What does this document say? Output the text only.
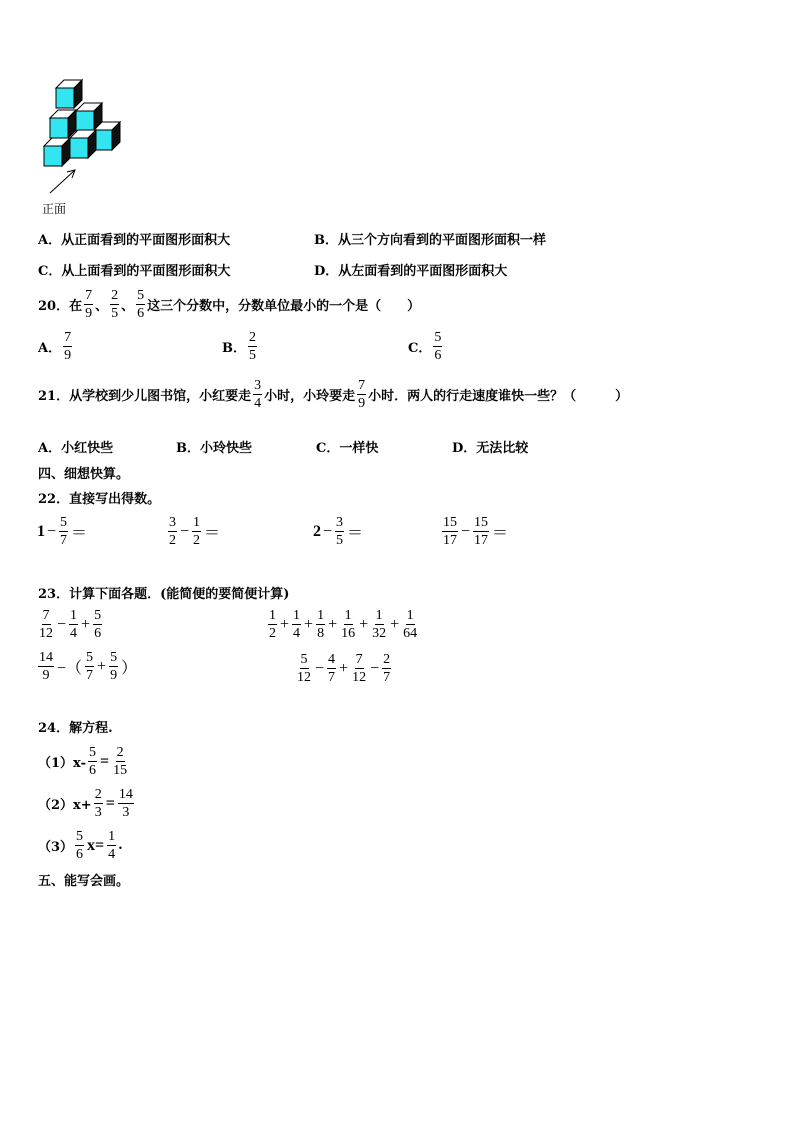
正面
A．从正面看到的平面图形面积大	B．从三个方向看到的平面图形面积一样
C．从上面看到的平面图形面积大	D．从左面看到的平面图形面积大
20．在 $\frac{7}{9}$ 、 $\frac{2}{5}$ 、 $\frac{5}{6}$ 这三个分数中，分数单位最小的一个是（　　）
A． $\frac{7}{9}$	B． $\frac{2}{5}$	C． $\frac{5}{6}$
21．从学校到少儿图书馆，小红要走 $\frac{3}{4}$ 小时，小玲要走 $\frac{7}{9}$ 小时．两人的行走速度谁快一些？（　　　）
A．小红快些	B．小玲快些	C．一样快	D．无法比较
四、细想快算。
22．直接写出得数。
$1 - \frac{5}{7}$ ＝	$\frac{3}{2} - \frac{1}{2}$ ＝	$2 - \frac{3}{5}$ ＝	$\frac{15}{17} - \frac{15}{17}$ ＝
23．计算下面各题．(能简便的要简便计算)
$\frac{7}{12} - \frac{1}{4} + \frac{5}{6}$	$\frac{1}{2} + \frac{1}{4} + \frac{1}{8} + \frac{1}{16} + \frac{1}{32} + \frac{1}{64}$
$\frac{14}{9}$ −（ $\frac{5}{7} + \frac{5}{9}$ ）	$\frac{5}{12} - \frac{4}{7} + \frac{7}{12} - \frac{2}{7}$
24．解方程.
$(1)x- \frac{5}{6} = \frac{2}{15}$
$(2)x+ \frac{2}{3} = \frac{14}{3}$
$(3) \frac{5}{6} x= \frac{1}{4}$ .
五、能写会画。
